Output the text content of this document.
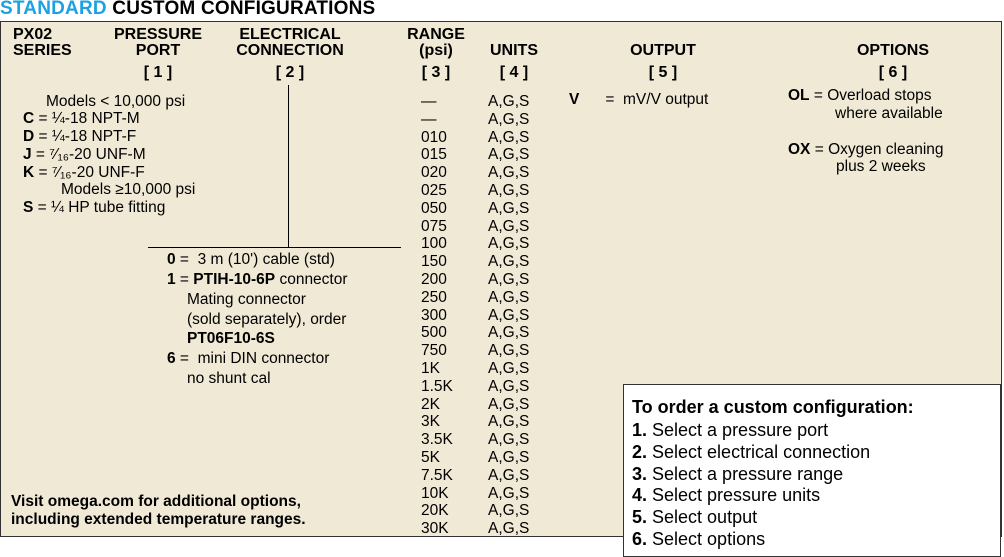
STANDARD CUSTOM CONFIGURATIONS
PX02
SERIES
PRESSURE
PORT
[ 1 ]
ELECTRICAL
CONNECTION
[ 2 ]
RANGE
(psi)
[ 3 ]
UNITS
[ 4 ]
OUTPUT
[ 5 ]
OPTIONS
[ 6 ]
Models < 10,000 psi
C = ¼-18 NPT-M
D = ¼-18 NPT-F
J = ⁷⁄₁₆-20 UNF-M
K = ⁷⁄₁₆-20 UNF-F
Models ≥10,000 psi
S = ¼ HP tube fitting
0 =  3 m (10') cable (std)
1 = PTIH-10-6P connector
Mating connector
(sold separately), order
PT06F10-6S
6 =  mini DIN connector
no shunt cal
—
—
010
015
020
025
050
075
100
150
200
250
300
500
750
1K
1.5K
2K
3K
3.5K
5K
7.5K
10K
20K
30K
A,G,S
A,G,S
A,G,S
A,G,S
A,G,S
A,G,S
A,G,S
A,G,S
A,G,S
A,G,S
A,G,S
A,G,S
A,G,S
A,G,S
A,G,S
A,G,S
A,G,S
A,G,S
A,G,S
A,G,S
A,G,S
A,G,S
A,G,S
A,G,S
A,G,S
V =  mV/V output	OL = Overload stops
where available
OX = Oxygen cleaning
plus 2 weeks
Visit omega.com for additional options,
including extended temperature ranges.
To order a custom configuration:
1. Select a pressure port
2. Select electrical connection
3. Select a pressure range
4. Select pressure units
5. Select output
6. Select options
